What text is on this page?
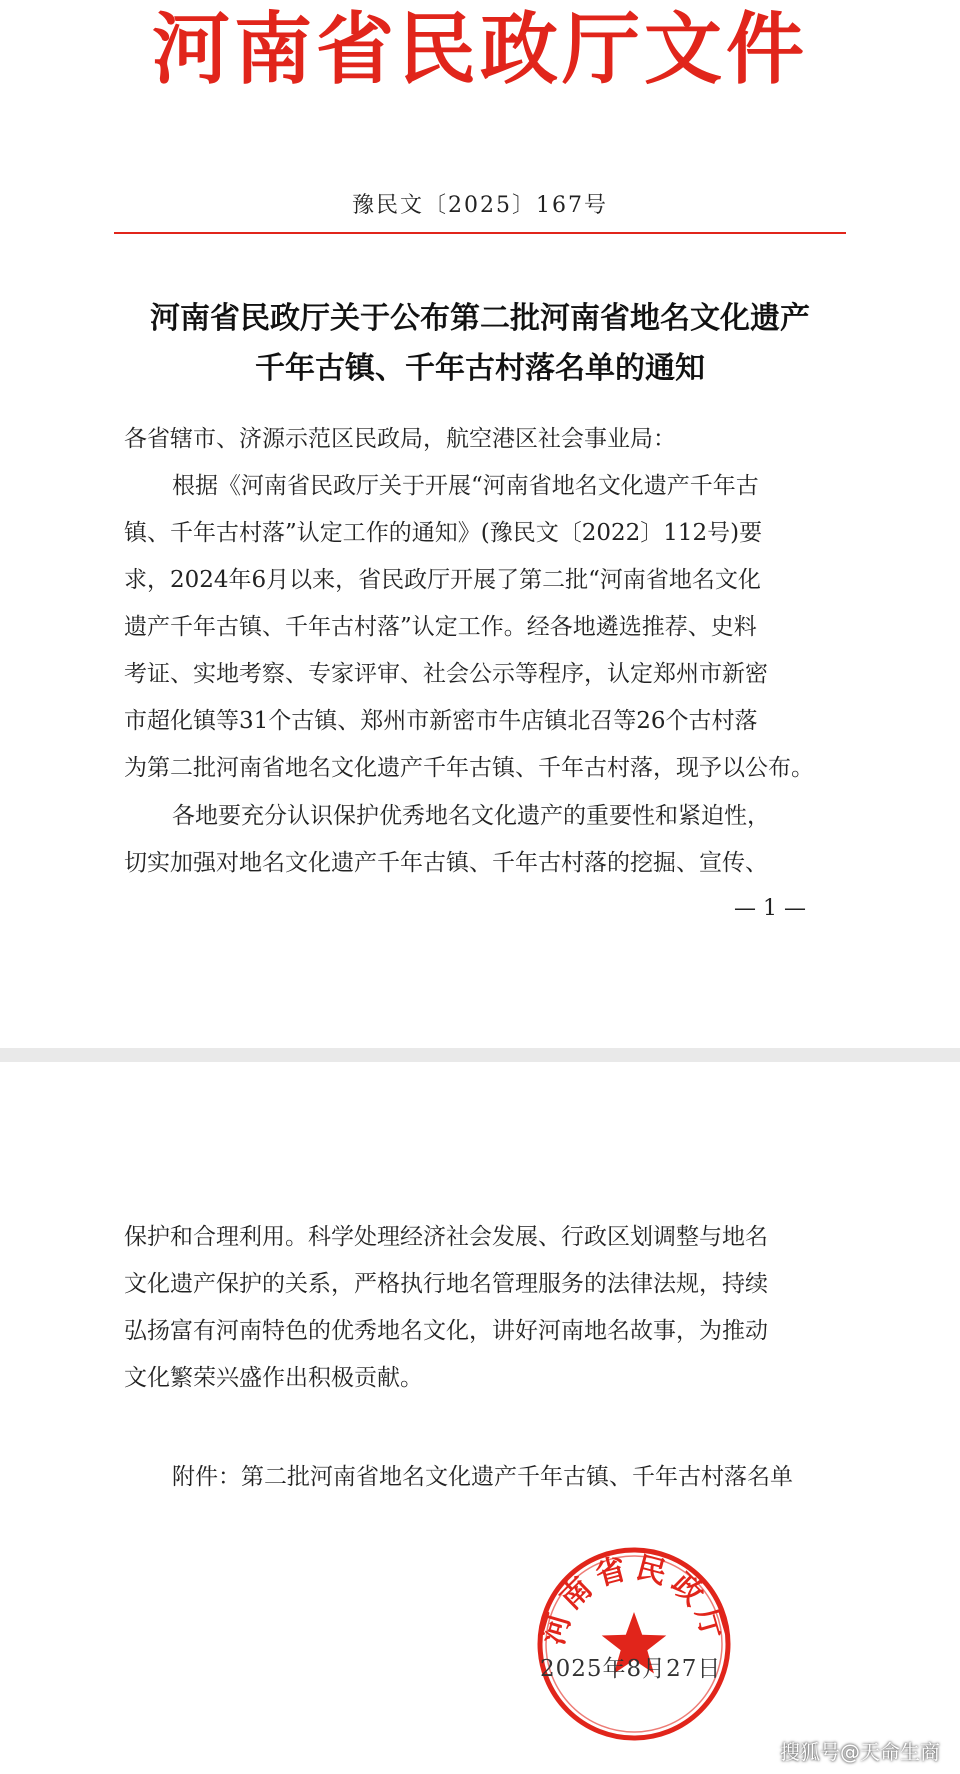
河南省民政厅文件
豫民文〔2025〕167号
河南省民政厅关于公布第二批河南省地名文化遗产
千年古镇、千年古村落名单的通知
各省辖市、济源示范区民政局，航空港区社会事业局：
根据《河南省民政厅关于开展“河南省地名文化遗产千年古
镇、千年古村落”认定工作的通知》(豫民文〔2022〕112号)要
求，2024年6月以来，省民政厅开展了第二批“河南省地名文化
遗产千年古镇、千年古村落”认定工作。经各地遴选推荐、史料
考证、实地考察、专家评审、社会公示等程序，认定郑州市新密
市超化镇等31个古镇、郑州市新密市牛店镇北召等26个古村落
为第二批河南省地名文化遗产千年古镇、千年古村落，现予以公布。
各地要充分认识保护优秀地名文化遗产的重要性和紧迫性，
切实加强对地名文化遗产千年古镇、千年古村落的挖掘、宣传、
— 1 —
保护和合理利用。科学处理经济社会发展、行政区划调整与地名
文化遗产保护的关系，严格执行地名管理服务的法律法规，持续
弘扬富有河南特色的优秀地名文化，讲好河南地名故事，为推动
文化繁荣兴盛作出积极贡献。
附件：第二批河南省地名文化遗产千年古镇、千年古村落名单
河南省民政厅
2025年8月27日
搜狐号@天命生商
